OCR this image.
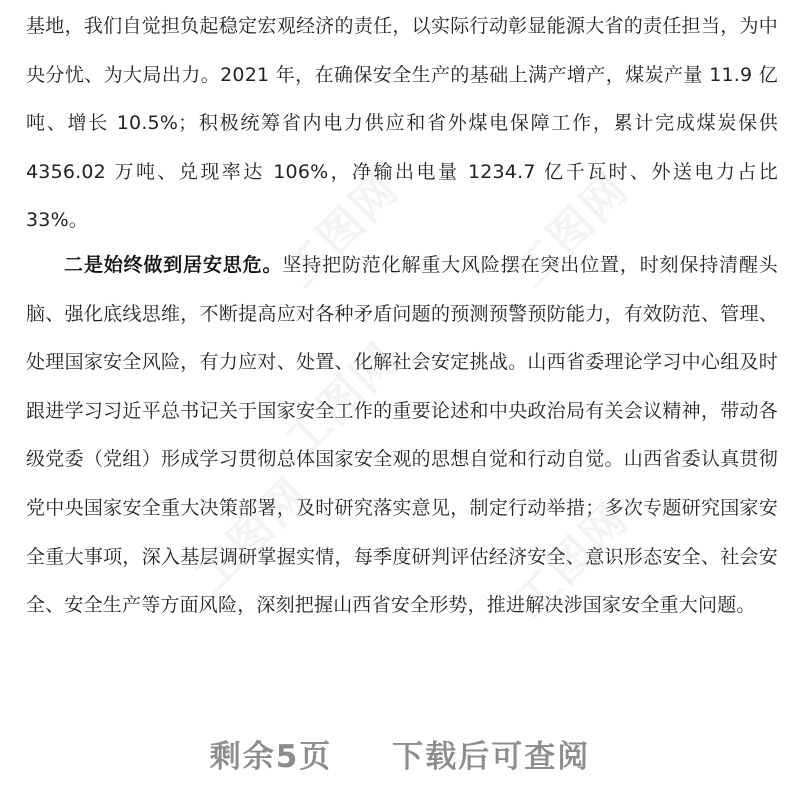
基地，我们自觉担负起稳定宏观经济的责任，以实际行动彰显能源大省的责任担当，为中央分忧、为大局出力。2021 年，在确保安全生产的基础上满产增产，煤炭产量 11.9 亿吨、增长 10.5%；积极统筹省内电力供应和省外煤电保障工作，累计完成煤炭保供 4356.02 万吨、兑现率达 106%，净输出电量 1234.7 亿千瓦时、外送电力占比 33%。

二是始终做到居安思危。坚持把防范化解重大风险摆在突出位置，时刻保持清醒头脑、强化底线思维，不断提高应对各种矛盾问题的预测预警预防能力，有效防范、管理、处理国家安全风险，有力应对、处置、化解社会安定挑战。山西省委理论学习中心组及时跟进学习习近平总书记关于国家安全工作的重要论述和中央政治局有关会议精神，带动各级党委（党组）形成学习贯彻总体国家安全观的思想自觉和行动自觉。山西省委认真贯彻党中央国家安全重大决策部署，及时研究落实意见，制定行动举措；多次专题研究国家安全重大事项，深入基层调研掌握实情，每季度研判评估经济安全、意识形态安全、社会安全、安全生产等方面风险，深刻把握山西省安全形势，推进解决涉国家安全重大问题。

工图网 工图网
工图网
工图网
工图网
剩余5页 下载后可查阅
